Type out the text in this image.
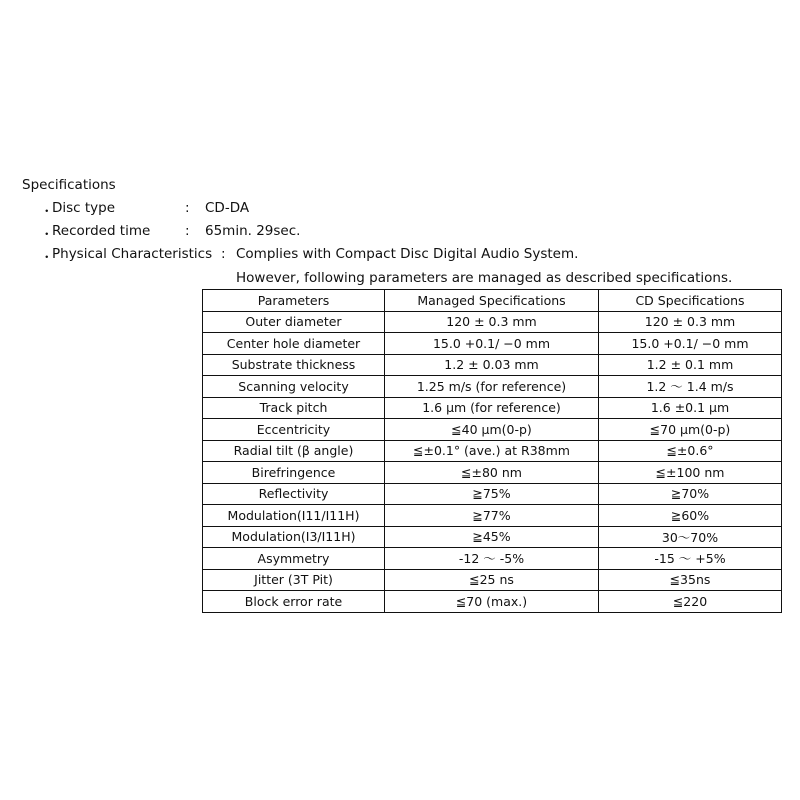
Specifications
・
Disc type	: CD-DA
・
Recorded time	: 65min. 29sec.
・
Physical Characteristics : Complies with Compact Disc Digital Audio System.
However, following parameters are managed as described specifications.
Parameters	Managed Specifications	CD Specifications
Outer diameter	120 ± 0.3 mm	120 ± 0.3 mm
Center hole diameter	15.0 +0.1/ −0 mm	15.0 +0.1/ −0 mm
Substrate thickness	1.2 ± 0.03 mm	1.2 ± 0.1 mm
Scanning velocity	1.25 m/s (for reference)	1.2 ～ 1.4 m/s
Track pitch	1.6 μm (for reference)	1.6 ±0.1 μm
Eccentricity	≦40 μm(0-p)	≦70 μm(0-p)
Radial tilt (β angle)	≦±0.1° (ave.) at R38mm	≦±0.6°
Birefringence	≦±80 nm	≦±100 nm
Reflectivity	≧75%	≧70%
Modulation(I11/I11H)	≧77%	≧60%
Modulation(I3/I11H)	≧45%	30～70%
Asymmetry	-12 ～ -5%	-15 ～ +5%
Jitter (3T Pit)	≦25 ns	≦35ns
Block error rate	≦70 (max.)	≦220
